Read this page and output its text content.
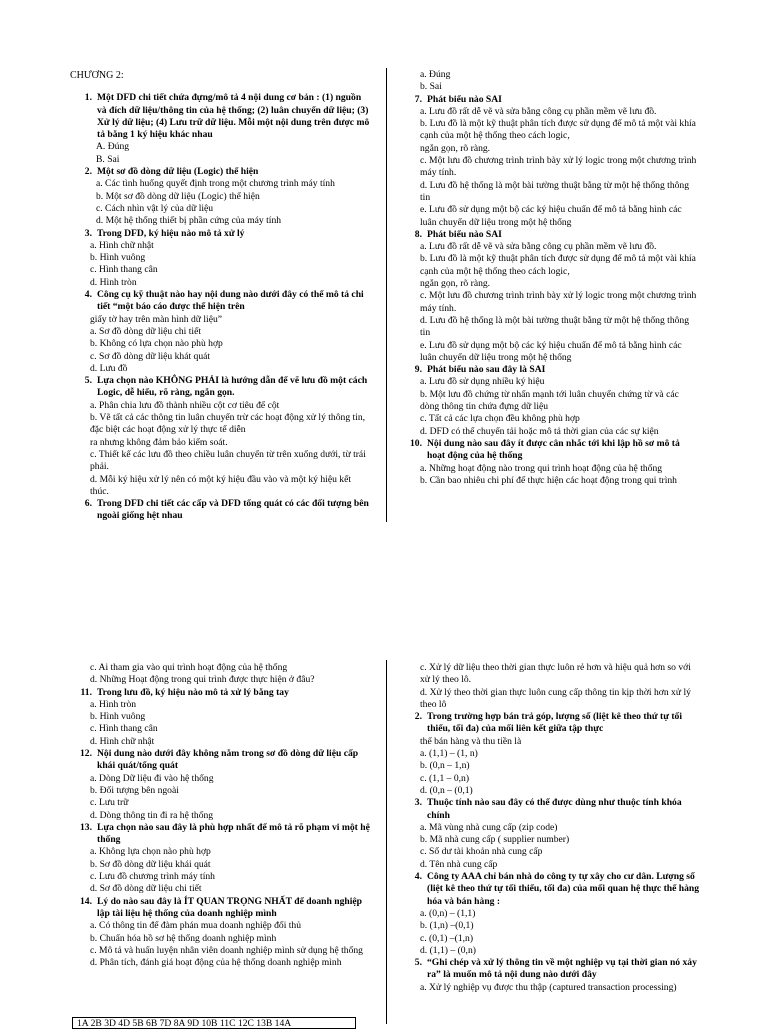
CHƯƠNG 2:
1. Một DFD chi tiết chứa đựng/mô tả 4 nội dung cơ bản : (1) nguồn và đích dữ liệu/thông tin của hệ thống; (2) luân chuyển dữ liệu; (3) Xử lý dữ liệu; (4) Lưu trữ dữ liệu. Mỗi một nội dung trên được mô tả bằng 1 ký hiệu khác nhau
A. Đúng
B. Sai
2. Một sơ đồ dòng dữ liệu (Logic) thể hiện
a. Các tình huống quyết định trong một chương trình máy tính
b. Một sơ đồ dòng dữ liệu (Logic) thể hiện
c. Cách nhìn vật lý của dữ liệu
d. Một hệ thống thiết bị phần cứng của máy tính
3. Trong DFD, ký hiệu nào mô tả xử lý
a. Hình chữ nhật
b. Hình vuông
c. Hình thang cân
d. Hình tròn
4. Công cụ kỹ thuật nào hay nội dung nào dưới đây có thể mô tả chi tiết “một báo cáo được thể hiện trên
giấy tờ hay trên màn hình dữ liệu”
a. Sơ đồ dòng dữ liệu chi tiết
b. Không có lựa chọn nào phù hợp
c. Sơ đồ dòng dữ liệu khát quát
d. Lưu đồ
5. Lựa chọn nào KHÔNG PHẢI là hướng dẫn để vẽ lưu đồ một cách Logic, dễ hiểu, rõ ràng, ngắn gọn.
a. Phân chia lưu đồ thành nhiều cột cơ tiêu để cột
b. Vẽ tất cả các thông tin luân chuyển trừ các hoạt động xử lý thông tin, đặc biệt các hoạt động xử lý thực tế diễn
ra nhưng không đảm bảo kiểm soát.
c. Thiết kế các lưu đồ theo chiều luân chuyển từ trên xuống dưới, từ trái phải.
d. Mỗi ký hiệu xử lý nên có một ký hiệu đầu vào và một ký hiệu kết thúc.
6. Trong DFD chi tiết các cấp và DFD tổng quát có các đối tượng bên ngoài giống hệt nhau
a. Đúng
b. Sai
7. Phát biểu nào SAI
a. Lưu đồ rất dễ vẽ và sửa bằng công cụ phần mềm vẽ lưu đồ.
b. Lưu đồ là một kỹ thuật phân tích được sử dụng để mô tả một vài khía cạnh của một hệ thống theo cách logic,
ngắn gọn, rõ ràng.
c. Một lưu đồ chương trình trình bày xử lý logic trong một chương trình máy tính.
d. Lưu đồ hệ thống là một bài tường thuật bằng từ một hệ thống thông tin
e. Lưu đồ sử dụng một bộ các ký hiệu chuẩn để mô tả bằng hình các luân chuyển dữ liệu trong một hệ thống
8. Phát biểu nào SAI
a. Lưu đồ rất dễ vẽ và sửa bằng công cụ phần mềm vẽ lưu đồ.
b. Lưu đồ là một kỹ thuật phân tích được sử dụng để mô tả một vài khía cạnh của một hệ thống theo cách logic,
ngắn gọn, rõ ràng.
c. Một lưu đồ chương trình trình bày xử lý logic trong một chương trình máy tính.
d. Lưu đồ hệ thống là một bài tường thuật bằng từ một hệ thống thông tin
e. Lưu đồ sử dụng một bộ các ký hiệu chuẩn để mô tả bằng hình các luân chuyển dữ liệu trong một hệ thống
9. Phát biểu nào sau đây là SAI
a. Lưu đồ sử dụng nhiều ký hiệu
b. Một lưu đồ chứng từ nhấn mạnh tới luân chuyển chứng từ và các dòng thông tin chứa đựng dữ liệu
c. Tất cả các lựa chọn đều không phù hợp
d. DFD có thể chuyển tải hoặc mô tả thời gian của các sự kiện
10. Nội dung nào sau đây ít được cân nhắc tới khi lập hồ sơ mô tả hoạt động của hệ thống
a. Những hoạt động nào trong qui trình hoạt động của hệ thống
b. Cần bao nhiêu chi phí để thực hiện các hoạt động trong qui trình
c. Ai tham gia vào qui trình hoạt động của hệ thống
d. Những Hoạt động trong qui trình được thực hiện ở đâu?
11. Trong lưu đồ, ký hiệu nào mô tả xử lý bằng tay
a. Hình tròn
b. Hình vuông
c. Hình thang cân
d. Hình chữ nhật
12. Nội dung nào dưới đây không nằm trong sơ đồ dòng dữ liệu cấp khái quát/tổng quát
a. Dòng Dữ liệu đi vào hệ thống
b. Đối tượng bên ngoài
c. Lưu trữ
d. Dòng thông tin đi ra hệ thống
13. Lựa chọn nào sau đây là phù hợp nhất để mô tả rõ phạm vi một hệ thống
a. Không lựa chọn nào phù hợp
b. Sơ đồ dòng dữ liệu khái quát
c. Lưu đồ chương trình máy tính
d. Sơ đồ dòng dữ liệu chi tiết
14. Lý do nào sau đây là ÍT QUAN TRỌNG NHẤT để doanh nghiệp lập tài liệu hệ thống của doanh nghiệp mình
a. Có thông tin để đàm phán mua doanh nghiệp đối thủ
b. Chuẩn hóa hồ sơ hệ thống doanh nghiệp mình
c. Mô tả và huấn luyện nhân viên doanh nghiệp mình sử dụng hệ thống
d. Phân tích, đánh giá hoạt động của hệ thống doanh nghiệp mình
c. Xử lý dữ liệu theo thời gian thực luôn rẻ hơn và hiệu quả hơn so với xử lý theo lô.
d. Xử lý theo thời gian thực luôn cung cấp thông tin kịp thời hơn xử lý theo lô
2. Trong trường hợp bán trả góp, lượng số (liệt kê theo thứ tự tối thiểu, tối đa) của mối liên kết giữa tập thực
thể bán hàng và thu tiền là
a. (1,1) – (1, n)
b. (0,n – 1,n)
c. (1,1 – 0,n)
d. (0,n – (0,1)
3. Thuộc tính nào sau đây có thể được dùng như thuộc tính khóa chính
a. Mã vùng nhà cung cấp (zip code)
b. Mã nhà cung cấp ( supplier number)
c. Số dư tài khoản nhà cung cấp
d. Tên nhà cung cấp
4. Công ty AAA chỉ bán nhà do công ty tự xây cho cư dân. Lượng số (liệt kê theo thứ tự tối thiểu, tối đa) của mối quan hệ thực thể hàng hóa và bán hàng :
a. (0,n) – (1,1)
b. (1,n) –(0,1)
c. (0,1) –(1,n)
d. (1,1) – (0,n)
5. “Ghi chép và xử lý thông tin về một nghiệp vụ tại thời gian nó xảy ra” là muốn mô tả nội dung nào dưới đây
a. Xử lý nghiệp vụ được thu thập (captured transaction processing)
1A 2B 3D 4D 5B 6B 7D 8A 9D 10B 11C 12C 13B 14A
